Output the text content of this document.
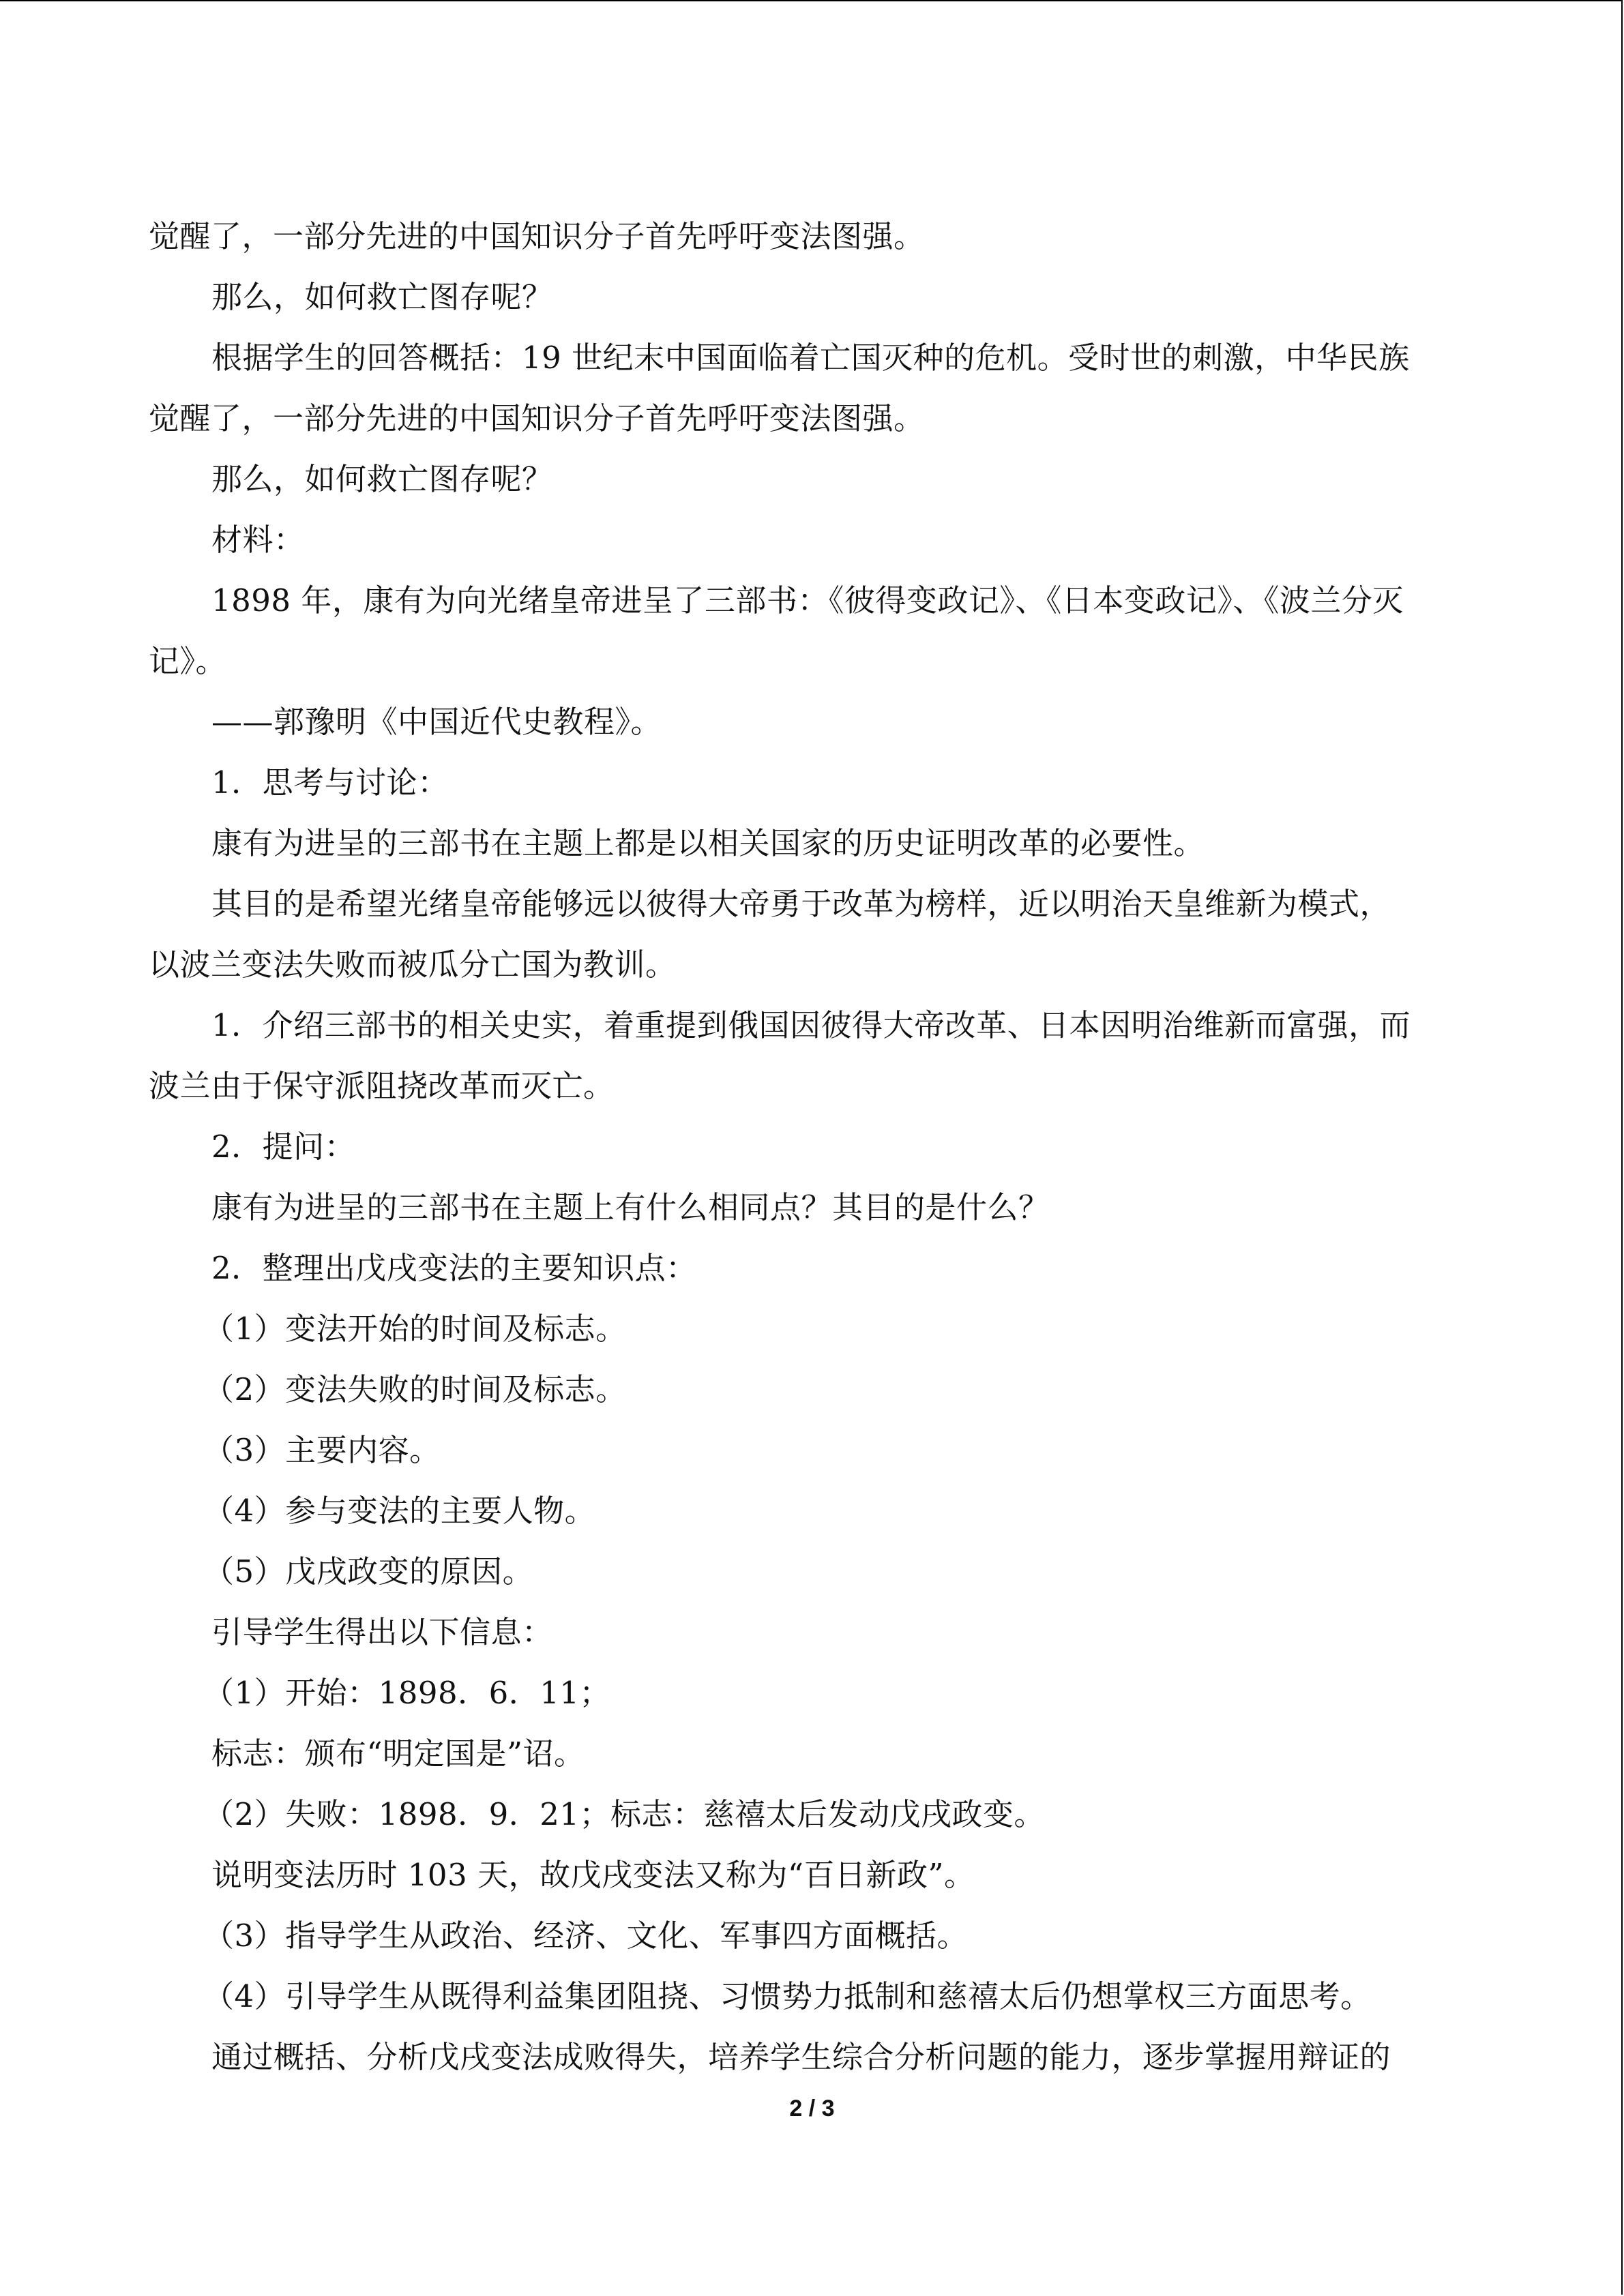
觉醒了，一部分先进的中国知识分子首先呼吁变法图强。
那么，如何救亡图存呢？
根据学生的回答概括：19 世纪末中国面临着亡国灭种的危机。受时世的刺激，中华民族
觉醒了，一部分先进的中国知识分子首先呼吁变法图强。
那么，如何救亡图存呢？
材料：
1898 年，康有为向光绪皇帝进呈了三部书：《彼得变政记》、《日本变政记》、《波兰分灭
记》。
——郭豫明《中国近代史教程》。
1．思考与讨论：
康有为进呈的三部书在主题上都是以相关国家的历史证明改革的必要性。
其目的是希望光绪皇帝能够远以彼得大帝勇于改革为榜样，近以明治天皇维新为模式，
以波兰变法失败而被瓜分亡国为教训。
1．介绍三部书的相关史实，着重提到俄国因彼得大帝改革、日本因明治维新而富强，而
波兰由于保守派阻挠改革而灭亡。
2．提问：
康有为进呈的三部书在主题上有什么相同点？其目的是什么？
2．整理出戊戌变法的主要知识点：
（1）变法开始的时间及标志。
（2）变法失败的时间及标志。
（3）主要内容。
（4）参与变法的主要人物。
（5）戊戌政变的原因。
引导学生得出以下信息：
（1）开始：1898．6．11；
标志：颁布“明定国是”诏。
（2）失败：1898．9．21；标志：慈禧太后发动戊戌政变。
说明变法历时 103 天，故戊戌变法又称为“百日新政”。
（3）指导学生从政治、经济、文化、军事四方面概括。
（4）引导学生从既得利益集团阻挠、习惯势力抵制和慈禧太后仍想掌权三方面思考。
通过概括、分析戊戌变法成败得失，培养学生综合分析问题的能力，逐步掌握用辩证的
2 / 3
